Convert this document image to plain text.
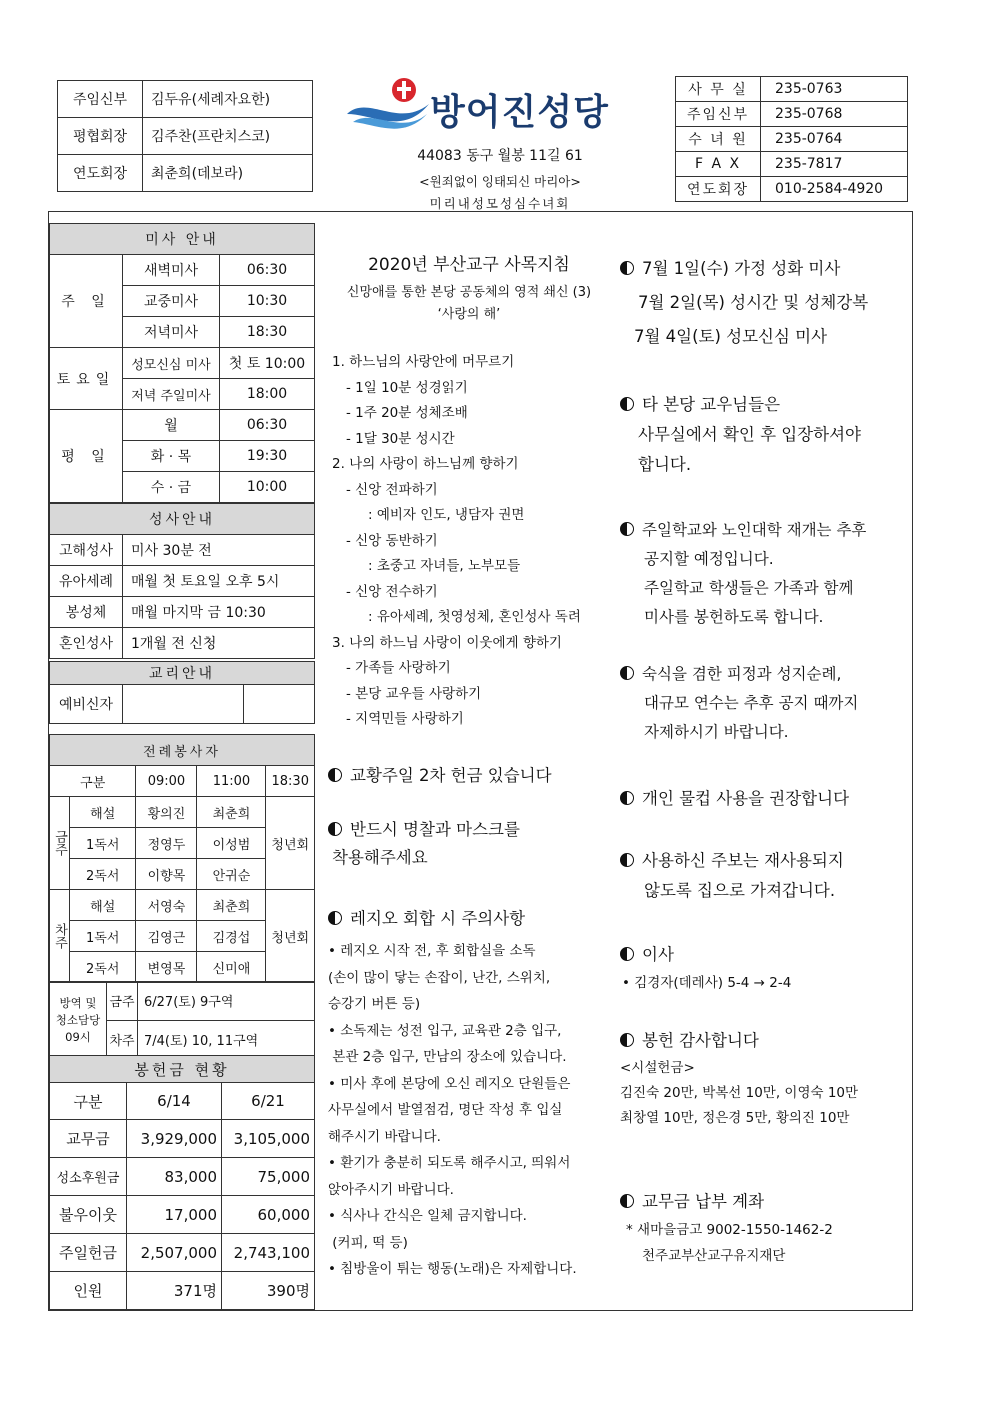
주임신부	김두유(세례자요한)
평협회장	김주찬(프란치스코)
연도회장	최춘희(데보라)
방어진성당
44083 동구 월봉 11길 61
<원죄없이 잉태되신 마리아>
미리내성모성심수녀회
사 무 실	235-0763
주임신부	235-0768
수 녀 원	235-0764
F A X	235-7817
연도회장	010-2584-4920
미사 안내		
주 일	새벽미사	06:30
	교중미사	10:30
	저녁미사	18:30
토요일	성모신심 미사	첫 토 10:00
	저녁 주일미사	18:00
평 일	월	06:30
	화 · 목	19:30
	수 · 금	10:00
성사안내	
고해성사	미사 30분 전
유아세례	매월 첫 토요일 오후 5시
봉성체	매월 마지막 금 10:30
혼인성사	1개월 전 신청
교리안내
예비신자		
전례봉사자				
구분		09:00	11:00	18:30
금주	해설	황의진	최춘희	청년회
	1독서	정영두	이성범	
	2독서	이향목	안귀순	
차주	해설	서영숙	최춘희	청년회
	1독서	김영근	김경섭	
	2독서	변영목	신미애	
방역 및
청소담당
09시	금주	6/27(토) 9구역
	차주	7/4(토) 10, 11구역
봉헌금 현황		
구분	6/14	6/21
교무금	3,929,000	3,105,000
성소후원금	83,000	75,000
불우이웃	17,000	60,000
주일헌금	2,507,000	2,743,100
인원	371명	390명
2020년 부산교구 사목지침
신망애를 통한 본당 공동체의 영적 쇄신 (3)
‘사랑의 해’
1. 하느님의 사랑안에 머무르기
- 1일 10분 성경읽기
- 1주 20분 성체조배
- 1달 30분 성시간
2. 나의 사랑이 하느님께 향하기
- 신앙 전파하기
: 예비자 인도, 냉담자 권면
- 신앙 동반하기
: 초중고 자녀들, 노부모들
- 신앙 전수하기
: 유아세례, 첫영성체, 혼인성사 독려
3. 나의 하느님 사랑이 이웃에게 향하기
- 가족들 사랑하기
- 본당 교우들 사랑하기
- 지역민들 사랑하기
교황주일 2차 헌금 있습니다
반드시 명찰과 마스크를
착용해주세요
레지오 회합 시 주의사항
• 레지오 시작 전, 후 회합실을 소독
(손이 많이 닿는 손잡이, 난간, 스위치,
승강기 버튼 등)
• 소독제는 성전 입구, 교육관 2층 입구,
본관 2층 입구, 만남의 장소에 있습니다.
• 미사 후에 본당에 오신 레지오 단원들은
사무실에서 발열점검, 명단 작성 후 입실
해주시기 바랍니다.
• 환기가 충분히 되도록 해주시고, 띄워서
앉아주시기 바랍니다.
• 식사나 간식은 일체 금지합니다.
(커피, 떡 등)
• 침방울이 튀는 행동(노래)은 자제합니다.
7월 1일(수) 가정 성화 미사
7월 2일(목) 성시간 및 성체강복
7월 4일(토) 성모신심 미사
타 본당 교우님들은
사무실에서 확인 후 입장하셔야
합니다.
주일학교와 노인대학 재개는 추후
공지할 예정입니다.
주일학교 학생들은 가족과 함께
미사를 봉헌하도록 합니다.
숙식을 겸한 피정과 성지순례,
대규모 연수는 추후 공지 때까지
자제하시기 바랍니다.
개인 물컵 사용을 권장합니다
사용하신 주보는 재사용되지
않도록 집으로 가져갑니다.
이사
• 김경자(데레사) 5-4 → 2-4
봉헌 감사합니다
<시설헌금>
김진숙 20만, 박복선 10만, 이영숙 10만
최창열 10만, 정은경 5만, 황의진 10만
교무금 납부 계좌
* 새마을금고 9002-1550-1462-2
천주교부산교구유지재단
